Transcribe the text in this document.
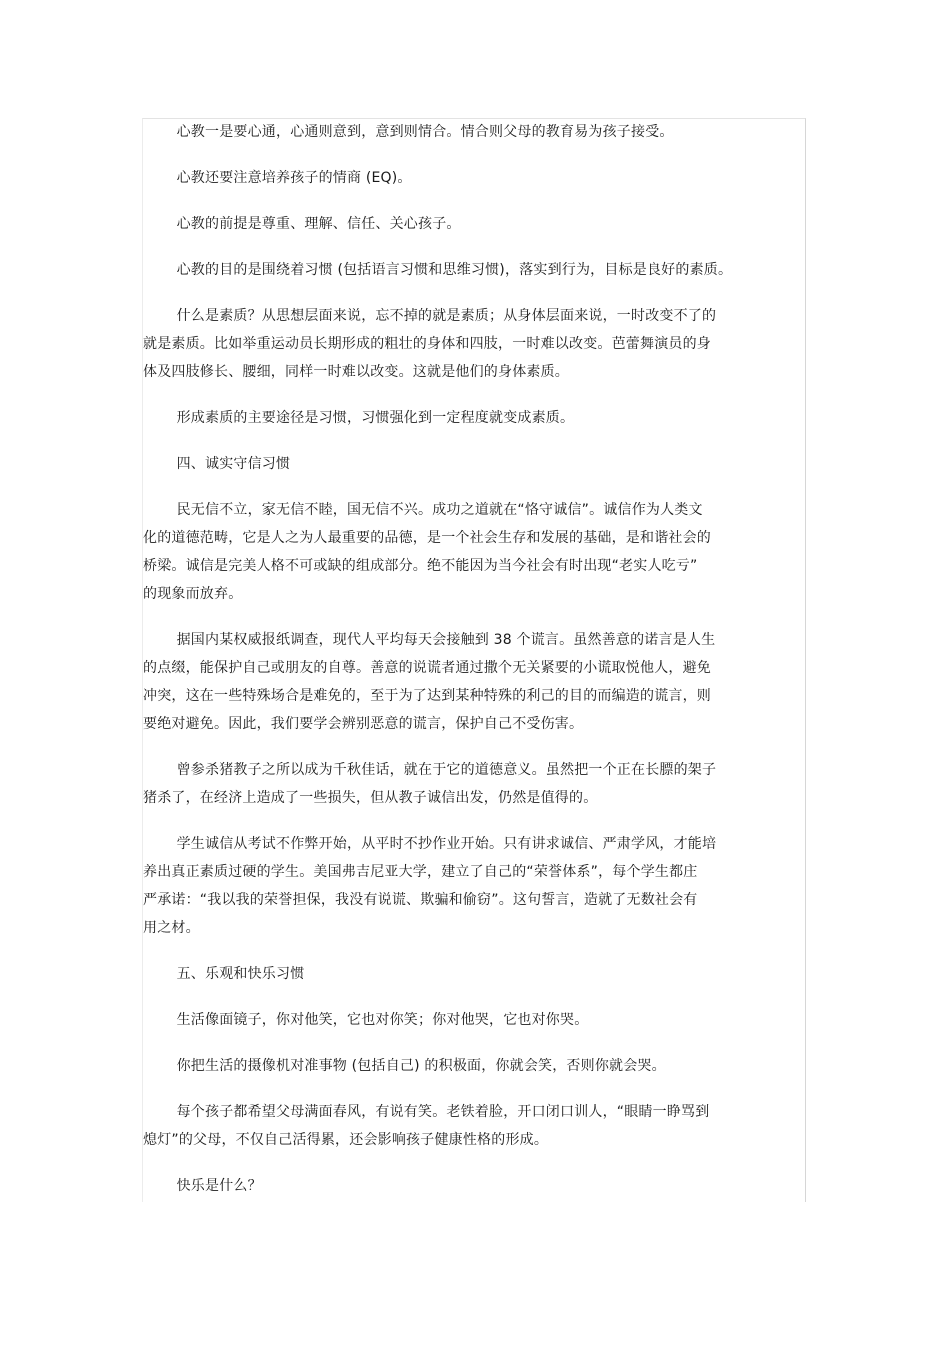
心教一是要心通，心通则意到，意到则情合。情合则父母的教育易为孩子接受。

心教还要注意培养孩子的情商 (EQ)。

心教的前提是尊重、理解、信任、关心孩子。

心教的目的是围绕着习惯 (包括语言习惯和思维习惯)，落实到行为，目标是良好的素质。

什么是素质？从思想层面来说，忘不掉的就是素质；从身体层面来说，一时改变不了的
就是素质。比如举重运动员长期形成的粗壮的身体和四肢，一时难以改变。芭蕾舞演员的身
体及四肢修长、腰细，同样一时难以改变。这就是他们的身体素质。

形成素质的主要途径是习惯，习惯强化到一定程度就变成素质。

四、诚实守信习惯

民无信不立，家无信不睦，国无信不兴。成功之道就在“恪守诚信”。诚信作为人类文
化的道德范畴，它是人之为人最重要的品德，是一个社会生存和发展的基础，是和谐社会的
桥梁。诚信是完美人格不可或缺的组成部分。绝不能因为当今社会有时出现“老实人吃亏”
的现象而放弃。

据国内某权威报纸调查，现代人平均每天会接触到 38 个谎言。虽然善意的诺言是人生
的点缀，能保护自己或朋友的自尊。善意的说谎者通过撒个无关紧要的小谎取悦他人，避免
冲突，这在一些特殊场合是难免的，至于为了达到某种特殊的利己的目的而编造的谎言，则
要绝对避免。因此，我们要学会辨别恶意的谎言，保护自己不受伤害。

曾参杀猪教子之所以成为千秋佳话，就在于它的道德意义。虽然把一个正在长膘的架子
猪杀了，在经济上造成了一些损失，但从教子诚信出发，仍然是值得的。

学生诚信从考试不作弊开始，从平时不抄作业开始。只有讲求诚信、严肃学风，才能培
养出真正素质过硬的学生。美国弗吉尼亚大学，建立了自己的“荣誉体系”，每个学生都庄
严承诺：“我以我的荣誉担保，我没有说谎、欺骗和偷窃”。这句誓言，造就了无数社会有
用之材。

五、乐观和快乐习惯

生活像面镜子，你对他笑，它也对你笑；你对他哭，它也对你哭。

你把生活的摄像机对准事物 (包括自己) 的积极面，你就会笑，否则你就会哭。

每个孩子都希望父母满面春风，有说有笑。老铁着脸，开口闭口训人，“眼睛一睁骂到
熄灯”的父母，不仅自己活得累，还会影响孩子健康性格的形成。

快乐是什么？
